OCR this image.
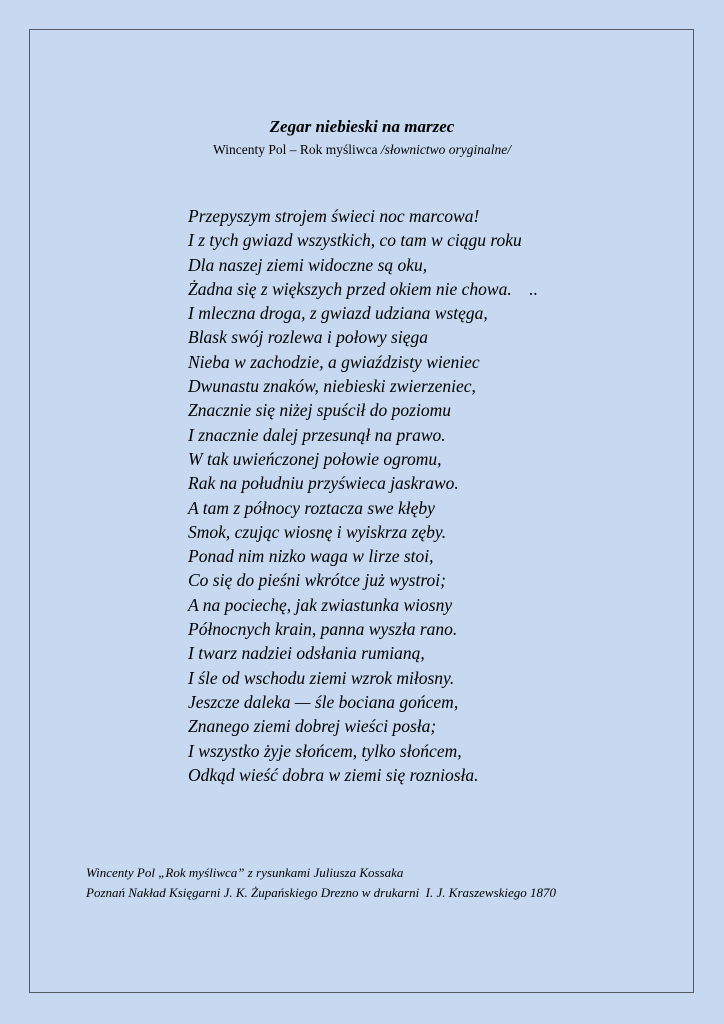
Zegar niebieski na marzec
Wincenty Pol – Rok myśliwca /słownictwo oryginalne/
Przepyszym strojem świeci noc marcowa!
I z tych gwiazd wszystkich, co tam w ciągu roku
Dla naszej ziemi widoczne są oku,
Żadna się z większych przed okiem nie chowa.    ..
I mleczna droga, z gwiazd udziana wstęga,
Blask swój rozlewa i połowy sięga
Nieba w zachodzie, a gwiaździsty wieniec
Dwunastu znaków, niebieski zwierzeniec,
Znacznie się niżej spuścił do poziomu
I znacznie dalej przesunął na prawo.
W tak uwieńczonej połowie ogromu,
Rak na południu przyświeca jaskrawo.
A tam z północy roztacza swe kłęby
Smok, czując wiosnę i wyiskrza zęby.
Ponad nim nizko waga w lirze stoi,
Co się do pieśni wkrótce już wystroi;
A na pociechę, jak zwiastunka wiosny
Północnych krain, panna wyszła rano.
I twarz nadziei odsłania rumianą,
I śle od wschodu ziemi wzrok miłosny.
Jeszcze daleka — śle bociana gońcem,
Znanego ziemi dobrej wieści posła;
I wszystko żyje słońcem, tylko słońcem,
Odkąd wieść dobra w ziemi się rozniosła.
Wincenty Pol „Rok myśliwca” z rysunkami Juliusza Kossaka
Poznań Nakład Księgarni J. K. Żupańskiego Drezno w drukarni  I. J. Kraszewskiego 1870
